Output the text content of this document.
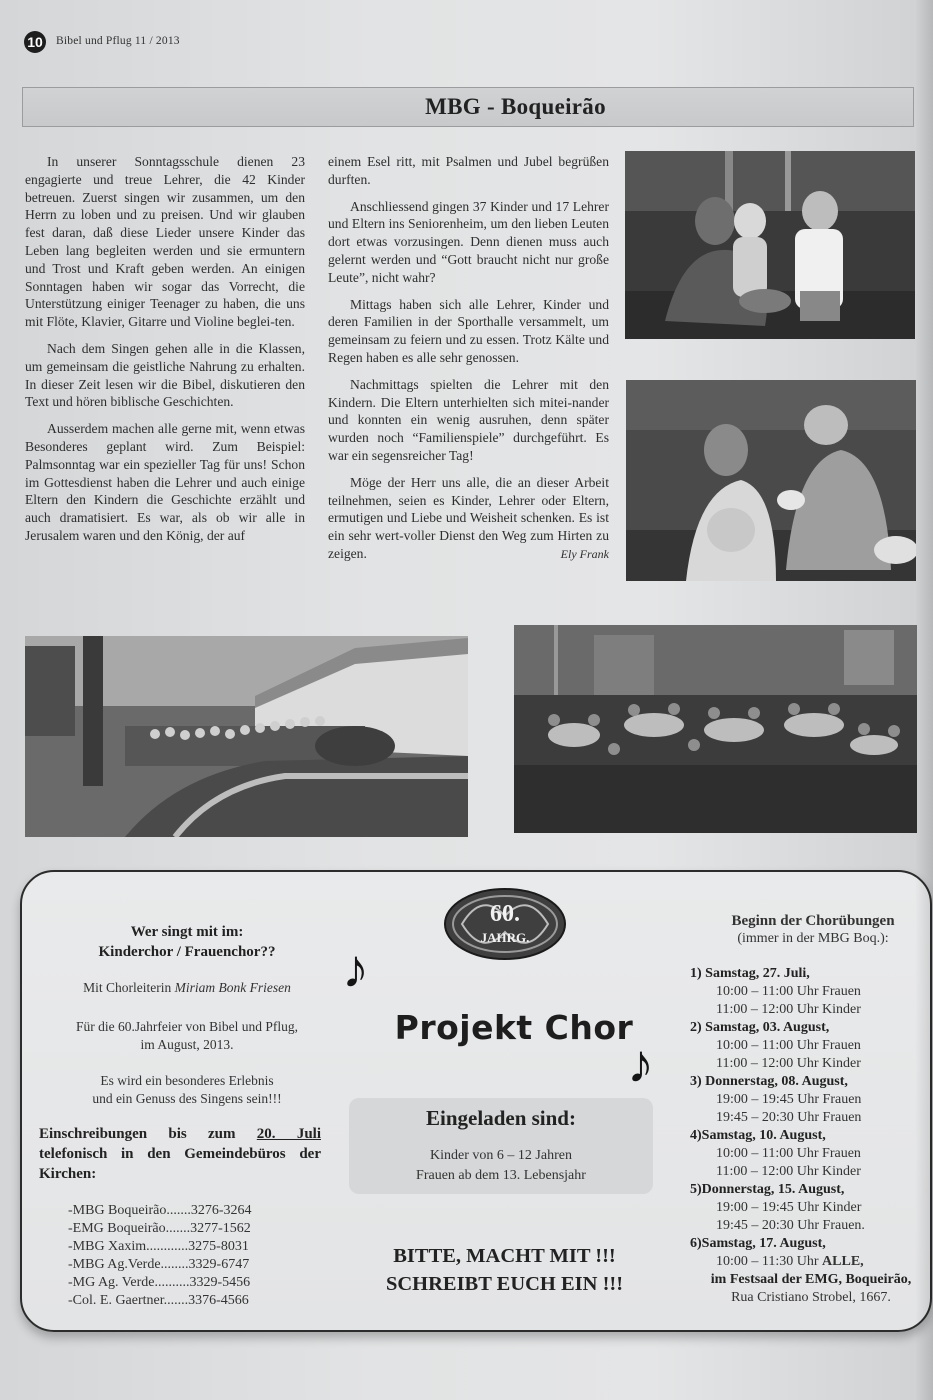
10 Bibel und Pflug 11 / 2013
MBG - Boqueirão

In unserer Sonntagsschule dienen 23 engagierte und treue Lehrer, die 42 Kinder betreuen. Zuerst singen wir zusammen, um den Herrn zu loben und zu preisen. Und wir glauben fest daran, daß diese Lieder unsere Kinder das Leben lang begleiten werden und sie ermuntern und Trost und Kraft geben werden. An einigen Sonntagen haben wir sogar das Vorrecht, die Unterstützung einiger Teenager zu haben, die uns mit Flöte, Klavier, Gitarre und Violine beglei-ten.

Nach dem Singen gehen alle in die Klassen, um gemeinsam die geistliche Nahrung zu erhalten. In dieser Zeit lesen wir die Bibel, diskutieren den Text und hören biblische Geschichten.

Ausserdem machen alle gerne mit, wenn etwas Besonderes geplant wird. Zum Beispiel: Palmsonntag war ein spezieller Tag für uns! Schon im Gottesdienst haben die Lehrer und auch einige Eltern den Kindern die Geschichte erzählt und auch dramatisiert. Es war, als ob wir alle in Jerusalem waren und den König, der auf

einem Esel ritt, mit Psalmen und Jubel begrüßen durften.

Anschliessend gingen 37 Kinder und 17 Lehrer und Eltern ins Seniorenheim, um den lieben Leuten dort etwas vorzusingen. Denn dienen muss auch gelernt werden und “Gott braucht nicht nur große Leute”, nicht wahr?

Mittags haben sich alle Lehrer, Kinder und deren Familien in der Sporthalle versammelt, um gemeinsam zu feiern und zu essen. Trotz Kälte und Regen haben es alle sehr genossen.

Nachmittags spielten die Lehrer mit den Kindern. Die Eltern unterhielten sich mitei-nander und konnten ein wenig ausruhen, denn später wurden noch “Familienspiele” durchgeführt. Es war ein segensreicher Tag!

Möge der Herr uns alle, die an dieser Arbeit teilnehmen, seien es Kinder, Lehrer oder Eltern, ermutigen und Liebe und Weisheit schenken. Es ist ein sehr wert-voller Dienst den Weg zum Hirten zu zeigen.	Ely Frank

Wer singt mit im:
Kinderchor / Frauenchor??
Mit Chorleiterin Miriam Bonk Friesen
Für die 60.Jahrfeier von Bibel und Pflug,
im August, 2013.
Es wird ein besonderes Erlebnis
und ein Genuss des Singens sein!!!
Einschreibungen bis zum 20. Juli telefonisch in den Gemeindebüros der Kirchen:
-MBG Boqueirão.......3276-3264
-EMG Boqueirão.......3277-1562
-MBG Xaxim............3275-8031
-MBG Ag.Verde........3329-6747
-MG Ag. Verde..........3329-5456
-Col. E. Gaertner.......3376-4566
60.
JAHRG.
♪
Projekt Chor
♪
Eingeladen sind:
Kinder von 6 – 12 Jahren
Frauen ab dem 13. Lebensjahr
BITTE, MACHT MIT !!!
SCHREIBT EUCH EIN !!!
Beginn der Chorübungen
(immer in der MBG Boq.):
1) Samstag, 27. Juli,
10:00 – 11:00 Uhr Frauen
11:00 – 12:00 Uhr Kinder
2) Samstag, 03. August,
10:00 – 11:00 Uhr Frauen
11:00 – 12:00 Uhr Kinder
3) Donnerstag, 08. August,
19:00 – 19:45 Uhr Frauen
19:45 – 20:30 Uhr Frauen
4)Samstag, 10. August,
10:00 – 11:00 Uhr Frauen
11:00 – 12:00 Uhr Kinder
5)Donnerstag, 15. August,
19:00 – 19:45 Uhr Kinder
19:45 – 20:30 Uhr Frauen.
6)Samstag, 17. August,
10:00 – 11:30 Uhr ALLE,
im Festsaal der EMG, Boqueirão,
Rua Cristiano Strobel, 1667.
